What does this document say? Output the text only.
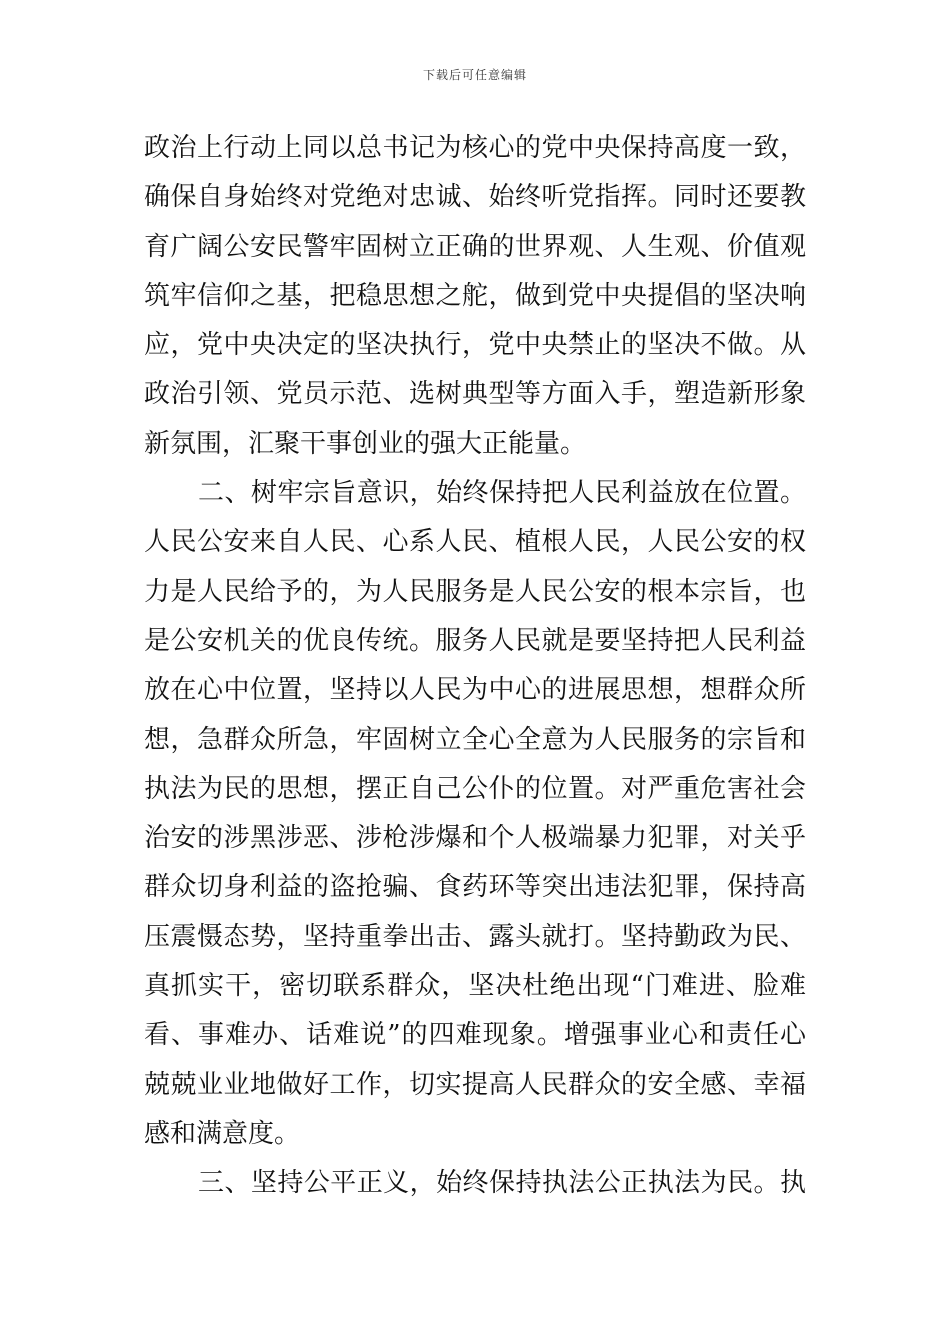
下载后可任意编辑
政治上行动上同以总书记为核心的党中央保持高度一致，
确保自身始终对党绝对忠诚、始终听党指挥。同时还要教
育广阔公安民警牢固树立正确的世界观、人生观、价值观
筑牢信仰之基，把稳思想之舵，做到党中央提倡的坚决响
应，党中央决定的坚决执行，党中央禁止的坚决不做。从
政治引领、党员示范、选树典型等方面入手，塑造新形象
新氛围，汇聚干事创业的强大正能量。
二、树牢宗旨意识，始终保持把人民利益放在位置。
人民公安来自人民、心系人民、植根人民，人民公安的权
力是人民给予的，为人民服务是人民公安的根本宗旨，也
是公安机关的优良传统。服务人民就是要坚持把人民利益
放在心中位置，坚持以人民为中心的进展思想，想群众所
想，急群众所急，牢固树立全心全意为人民服务的宗旨和
执法为民的思想，摆正自己公仆的位置。对严重危害社会
治安的涉黑涉恶、涉枪涉爆和个人极端暴力犯罪，对关乎
群众切身利益的盗抢骗、食药环等突出违法犯罪，保持高
压震慑态势，坚持重拳出击、露头就打。坚持勤政为民、
真抓实干，密切联系群众，坚决杜绝出现“门难进、脸难
看、事难办、话难说”的四难现象。增强事业心和责任心
兢兢业业地做好工作，切实提高人民群众的安全感、幸福
感和满意度。
三、坚持公平正义，始终保持执法公正执法为民。执
